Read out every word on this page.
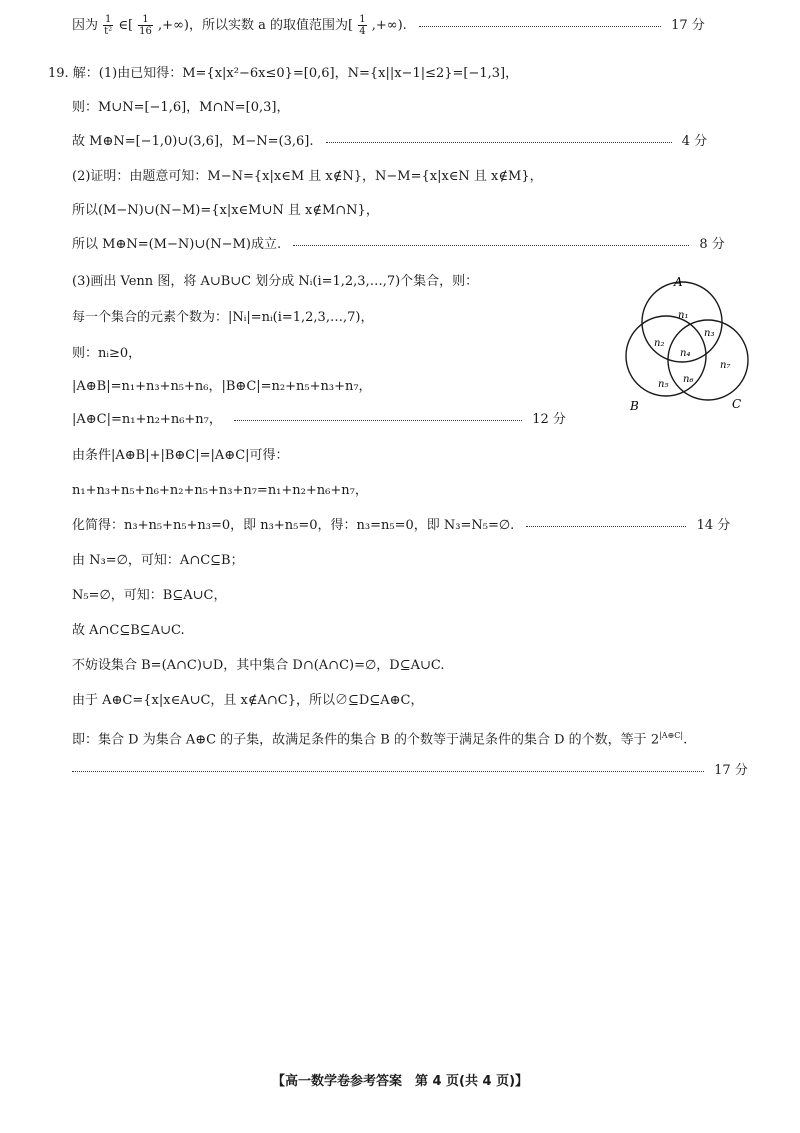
因为 $\frac{1}{\text{t²}}$ ∈[ $\frac{1}{16}$ ,+∞)，所以实数 a 的取值范围为[ $\frac{1}{4}$ ,+∞).	17 分
19. 解：(1)由已知得：M={x|x²−6x≤0}=[0,6]，N={x||x−1|≤2}=[−1,3]，
则：M∪N=[−1,6]，M∩N=[0,3]，
故 M⊕N=[−1,0)∪(3,6]，M−N=(3,6].	4 分
(2)证明：由题意可知：M−N={x|x∈M 且 x∉N}，N−M={x|x∈N 且 x∉M}，
所以(M−N)∪(N−M)={x|x∈M∪N 且 x∉M∩N}，
所以 M⊕N=(M−N)∪(N−M)成立.	8 分
(3)画出 Venn 图，将 A∪B∪C 划分成 Nᵢ(i=1,2,3,…,7)个集合，则：
每一个集合的元素个数为：|Nᵢ|=nᵢ(i=1,2,3,…,7)，
则：nᵢ≥0，
|A⊕B|=n₁+n₃+n₅+n₆，|B⊕C|=n₂+n₅+n₃+n₇，
|A⊕C|=n₁+n₂+n₆+n₇，	12 分
由条件|A⊕B|+|B⊕C|=|A⊕C|可得：
n₁+n₃+n₅+n₆+n₂+n₅+n₃+n₇=n₁+n₂+n₆+n₇，
化简得：n₃+n₅+n₅+n₃=0，即 n₃+n₅=0，得：n₃=n₅=0，即 N₃=N₅=∅.	14 分
由 N₃=∅，可知：A∩C⊆B；
N₅=∅，可知：B⊆A∪C，
故 A∩C⊆B⊆A∪C.
不妨设集合 B=(A∩C)∪D，其中集合 D∩(A∩C)=∅，D⊆A∪C.
由于 A⊕C={x|x∈A∪C，且 x∉A∩C}，所以∅⊆D⊆A⊕C，
即：集合 D 为集合 A⊕C 的子集，故满足条件的集合 B 的个数等于满足条件的集合 D 的个数，等于 $2^{|A\oplus C|}$.
17 分
A
B	C
n₁
n₂
n₃
n₄
n₅ n₆
n₇
【高一数学卷参考答案　第 4 页(共 4 页)】
